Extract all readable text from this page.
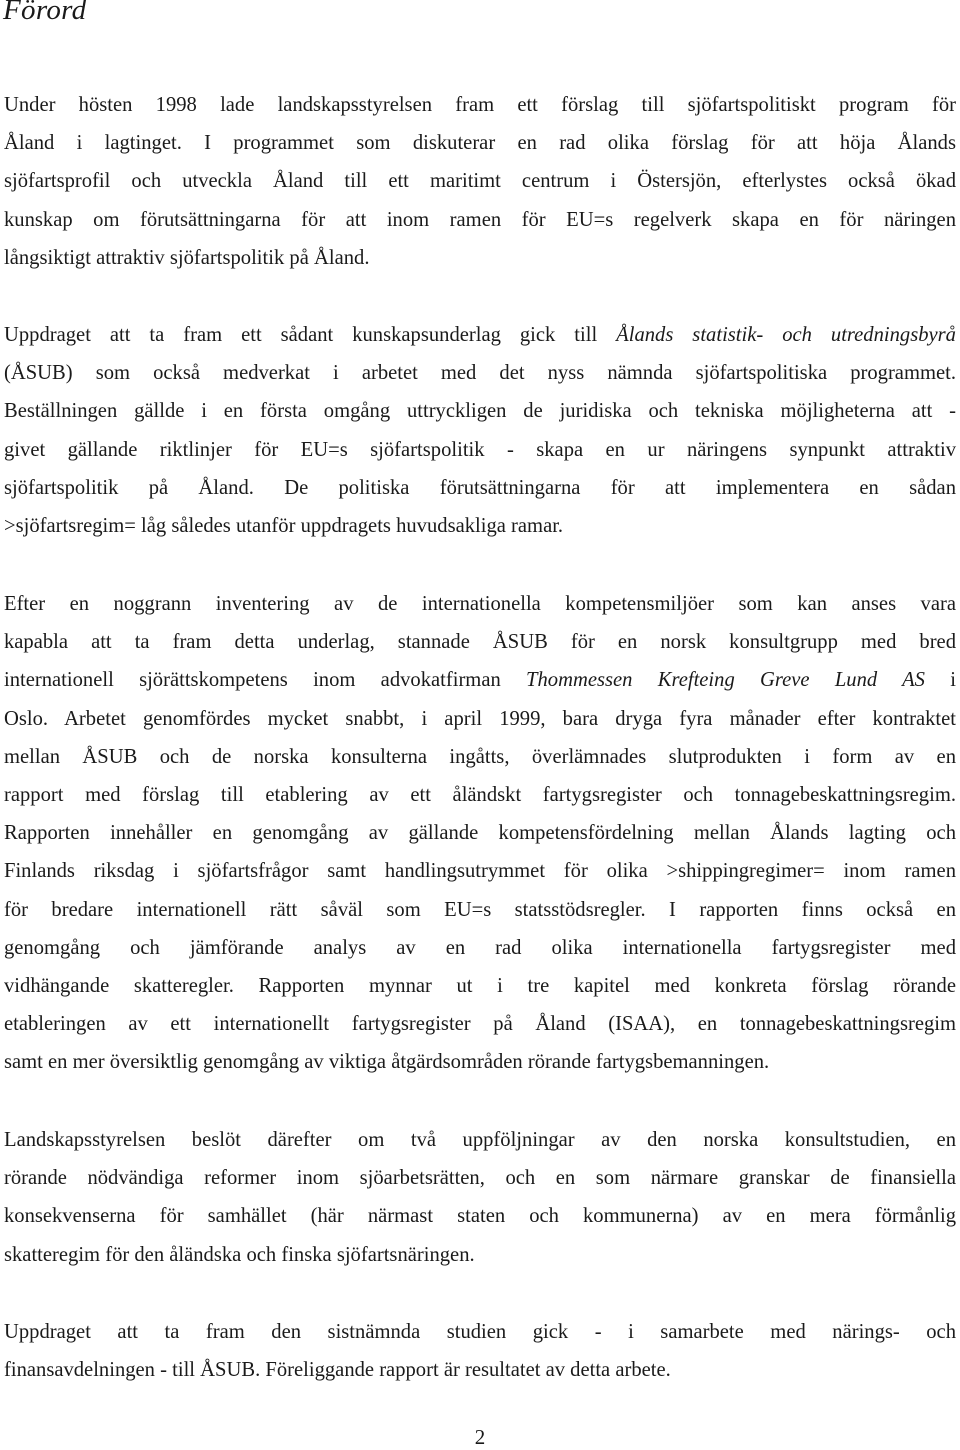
Förord

Under hösten 1998 lade landskapsstyrelsen fram ett förslag till sjöfartspolitiskt program för
Åland i lagtinget. I programmet som diskuterar en rad olika förslag för att höja Ålands
sjöfartsprofil och utveckla Åland till ett maritimt centrum i Östersjön, efterlystes också ökad
kunskap om förutsättningarna för att inom ramen för EU=s regelverk skapa en för näringen
långsiktigt attraktiv sjöfartspolitik på Åland.

Uppdraget att ta fram ett sådant kunskapsunderlag gick till Ålands statistik- och utredningsbyrå
(ÅSUB) som också medverkat i arbetet med det nyss nämnda sjöfartspolitiska programmet.
Beställningen gällde i en första omgång uttryckligen de juridiska och tekniska möjligheterna att -
givet gällande riktlinjer för EU=s sjöfartspolitik - skapa en ur näringens synpunkt attraktiv
sjöfartspolitik på Åland. De politiska förutsättningarna för att implementera en sådan
>sjöfartsregim= låg således utanför uppdragets huvudsakliga ramar.

Efter en noggrann inventering av de internationella kompetensmiljöer som kan anses vara
kapabla att ta fram detta underlag, stannade ÅSUB för en norsk konsultgrupp med bred
internationell sjörättskompetens inom advokatfirman Thommessen Krefteing Greve Lund AS i
Oslo. Arbetet genomfördes mycket snabbt, i april 1999, bara dryga fyra månader efter kontraktet
mellan ÅSUB och de norska konsulterna ingåtts, överlämnades slutprodukten i form av en
rapport med förslag till etablering av ett åländskt fartygsregister och tonnagebeskattningsregim.
Rapporten innehåller en genomgång av gällande kompetensfördelning mellan Ålands lagting och
Finlands riksdag i sjöfartsfrågor samt handlingsutrymmet för olika >shippingregimer= inom ramen
för bredare internationell rätt såväl som EU=s statsstödsregler. I rapporten finns också en
genomgång och jämförande analys av en rad olika internationella fartygsregister med
vidhängande skatteregler. Rapporten mynnar ut i tre kapitel med konkreta förslag rörande
etableringen av ett internationellt fartygsregister på Åland (ISAA), en tonnagebeskattningsregim
samt en mer översiktlig genomgång av viktiga åtgärdsområden rörande fartygsbemanningen.

Landskapsstyrelsen beslöt därefter om två uppföljningar av den norska konsultstudien, en
rörande nödvändiga reformer inom sjöarbetsrätten, och en som närmare granskar de finansiella
konsekvenserna för samhället (här närmast staten och kommunerna) av en mera förmånlig
skatteregim för den åländska och finska sjöfartsnäringen.

Uppdraget att ta fram den sistnämnda studien gick - i samarbete med närings- och
finansavdelningen - till ÅSUB. Föreliggande rapport är resultatet av detta arbete.

2
